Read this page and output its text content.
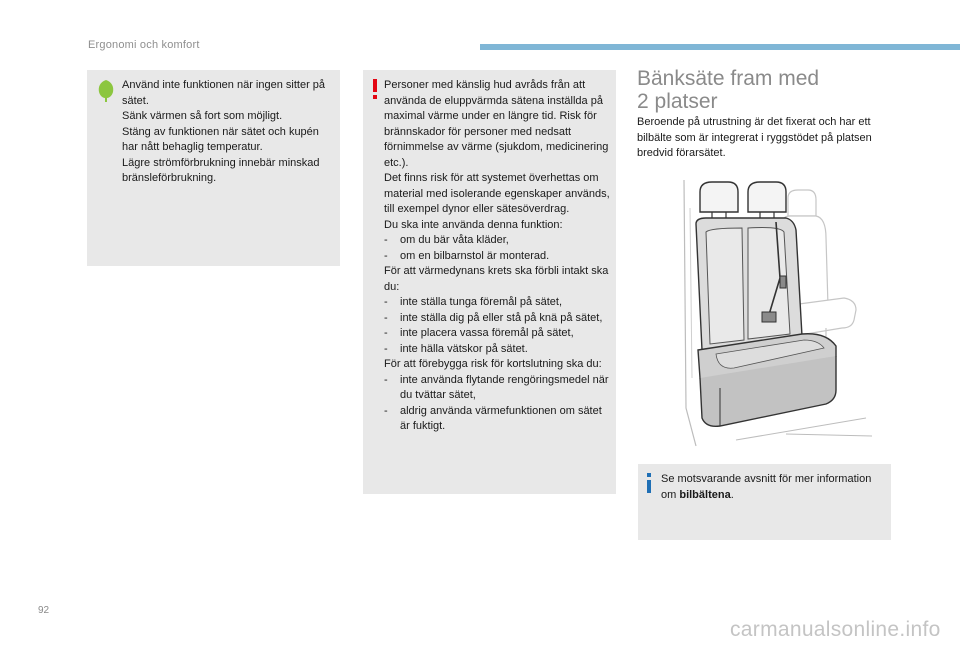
Ergonomi och komfort

Använd inte funktionen när ingen sitter på sätet.

Sänk värmen så fort som möjligt.

Stäng av funktionen när sätet och kupén har nått behaglig temperatur.

Lägre strömförbrukning innebär minskad bränsleförbrukning.

Personer med känslig hud avråds från att använda de eluppvärmda sätena inställda på maximal värme under en längre tid. Risk för brännskador för personer med nedsatt förnimmelse av värme (sjukdom, medicinering etc.).

Det finns risk för att systemet överhettas om material med isolerande egenskaper används, till exempel dynor eller sätesöverdrag.

Du ska inte använda denna funktion:

-	om du bär våta kläder,
-	om en bilbarnstol är monterad.

För att värmedynans krets ska förbli intakt ska du:

-	inte ställa tunga föremål på sätet,
-	inte ställa dig på eller stå på knä på sätet,
-	inte placera vassa föremål på sätet,
-	inte hälla vätskor på sätet.

För att förebygga risk för kortslutning ska du:

-	inte använda flytande rengöringsmedel när du tvättar sätet,
-	aldrig använda värmefunktionen om sätet är fuktigt.
Bänksäte fram med
2 platser

Beroende på utrustning är det fixerat och har ett bilbälte som är integrerat i ryggstödet på platsen bredvid förarsätet.

Se motsvarande avsnitt för mer information om bilbältena.
92
carmanualsonline.info
